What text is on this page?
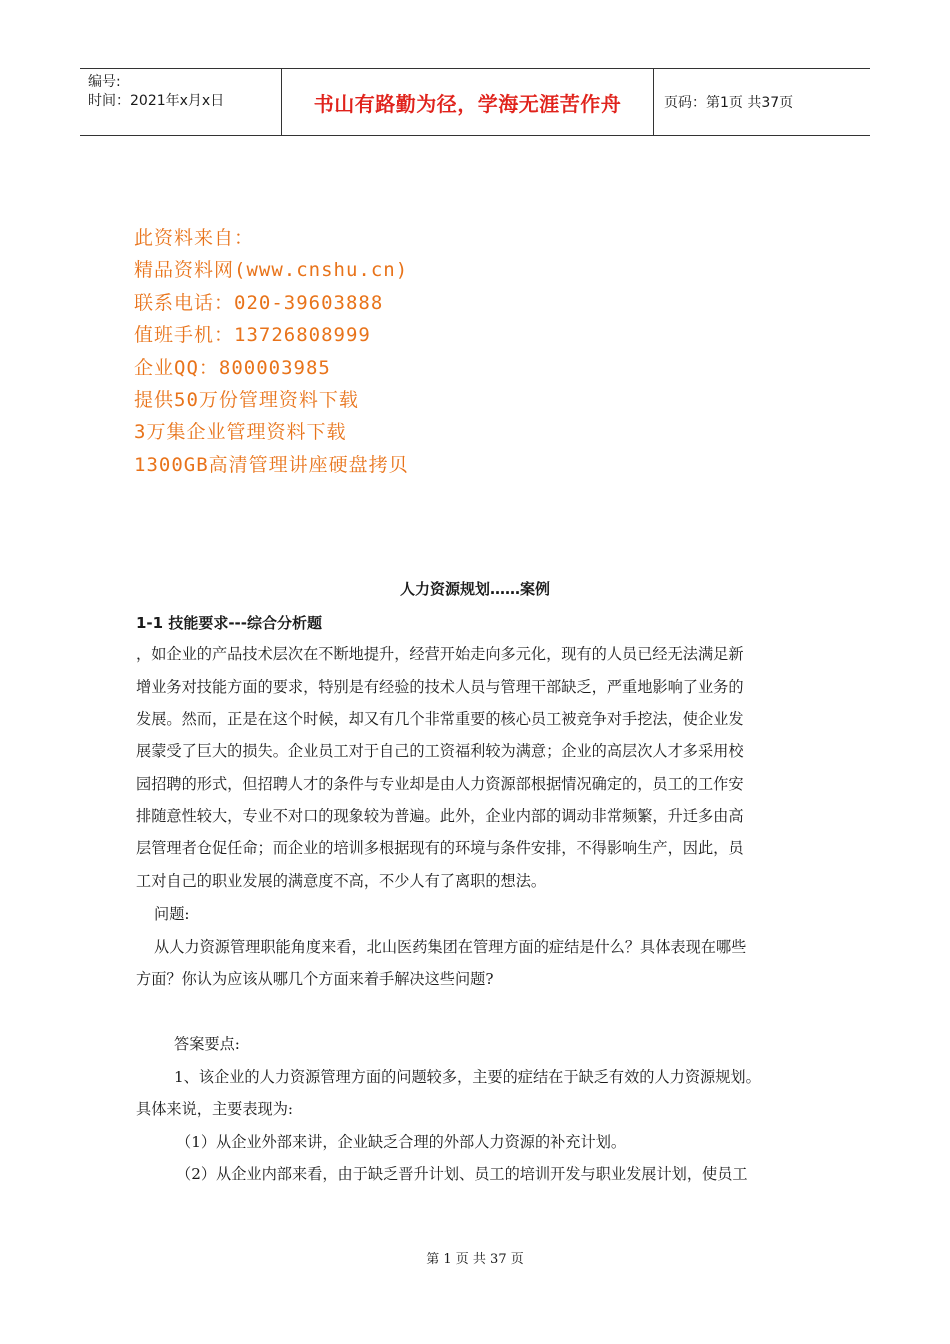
编号:
时间：2021年x月x日	书山有路勤为径，学海无涯苦作舟	页码：第1页 共37页
此资料来自：
精品资料网(www.cnshu.cn)
联系电话：020-39603888
值班手机：13726808999
企业QQ：800003985
提供50万份管理资料下载
3万集企业管理资料下载
1300GB高清管理讲座硬盘拷贝
人力资源规划……案例
1-1 技能要求---综合分析题
，如企业的产品技术层次在不断地提升，经营开始走向多元化，现有的人员已经无法满足新
增业务对技能方面的要求，特别是有经验的技术人员与管理干部缺乏，严重地影响了业务的
发展。然而，正是在这个时候，却又有几个非常重要的核心员工被竞争对手挖法，使企业发
展蒙受了巨大的损失。企业员工对于自己的工资福利较为满意；企业的高层次人才多采用校
园招聘的形式，但招聘人才的条件与专业却是由人力资源部根据情况确定的，员工的工作安
排随意性较大，专业不对口的现象较为普遍。此外，企业内部的调动非常频繁，升迁多由高
层管理者仓促任命；而企业的培训多根据现有的环境与条件安排，不得影响生产，因此，员
工对自己的职业发展的满意度不高，不少人有了离职的想法。
问题:
从人力资源管理职能角度来看，北山医药集团在管理方面的症结是什么？具体表现在哪些
方面？你认为应该从哪几个方面来着手解决这些问题?
答案要点:
1、该企业的人力资源管理方面的问题较多，主要的症结在于缺乏有效的人力资源规划。
具体来说，主要表现为:
（1）从企业外部来讲，企业缺乏合理的外部人力资源的补充计划。
（2）从企业内部来看，由于缺乏晋升计划、员工的培训开发与职业发展计划，使员工
第 1 页 共 37 页
